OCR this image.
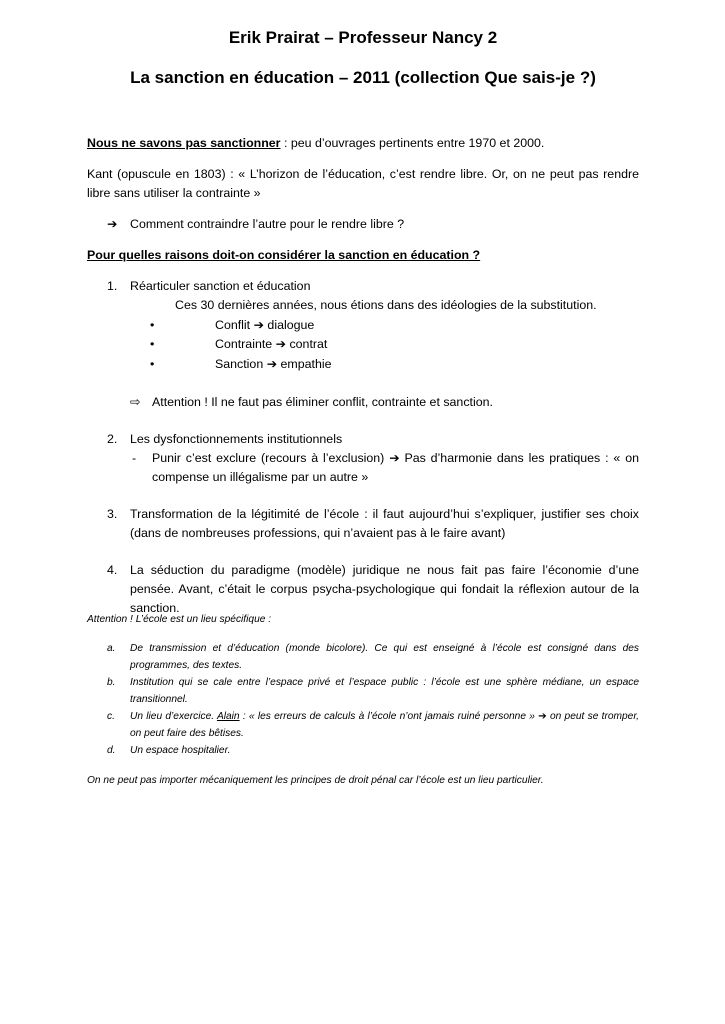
Erik Prairat – Professeur Nancy 2
La sanction en éducation – 2011 (collection Que sais-je ?)
Nous ne savons pas sanctionner : peu d’ouvrages pertinents entre 1970 et 2000.
Kant (opuscule en 1803) : « L’horizon de l’éducation, c’est rendre libre. Or, on ne peut pas rendre libre sans utiliser la contrainte »
➔ Comment contraindre l’autre pour le rendre libre ?
Pour quelles raisons doit-on considérer la sanction en éducation ?
1. Réarticuler sanction et éducation
Ces 30 dernières années, nous étions dans des idéologies de la substitution.
•	Conflit ➔ dialogue
•	Contrainte ➔ contrat
•	Sanction ➔ empathie
⇨ Attention ! Il ne faut pas éliminer conflit, contrainte et sanction.
2. Les dysfonctionnements institutionnels
- Punir c’est exclure (recours à l’exclusion) ➔ Pas d’harmonie dans les pratiques : « on compense un illégalisme par un autre »
3. Transformation de la légitimité de l’école : il faut aujourd’hui s’expliquer, justifier ses choix (dans de nombreuses professions, qui n’avaient pas à le faire avant)
4. La séduction du paradigme (modèle) juridique ne nous fait pas faire l’économie d’une pensée. Avant, c’était le corpus psycha-psychologique qui fondait la réflexion autour de la sanction.
Attention ! L’école est un lieu spécifique :
a. De transmission et d’éducation (monde bicolore). Ce qui est enseigné à l’école est consigné dans des programmes, des textes.
b. Institution qui se cale entre l’espace privé et l’espace public : l’école est une sphère médiane, un espace transitionnel.
c. Un lieu d’exercice. Alain : « les erreurs de calculs à l’école n’ont jamais ruiné personne » ➔ on peut se tromper, on peut faire des bêtises.
d. Un espace hospitalier.
On ne peut pas importer mécaniquement les principes de droit pénal car l’école est un lieu particulier.
